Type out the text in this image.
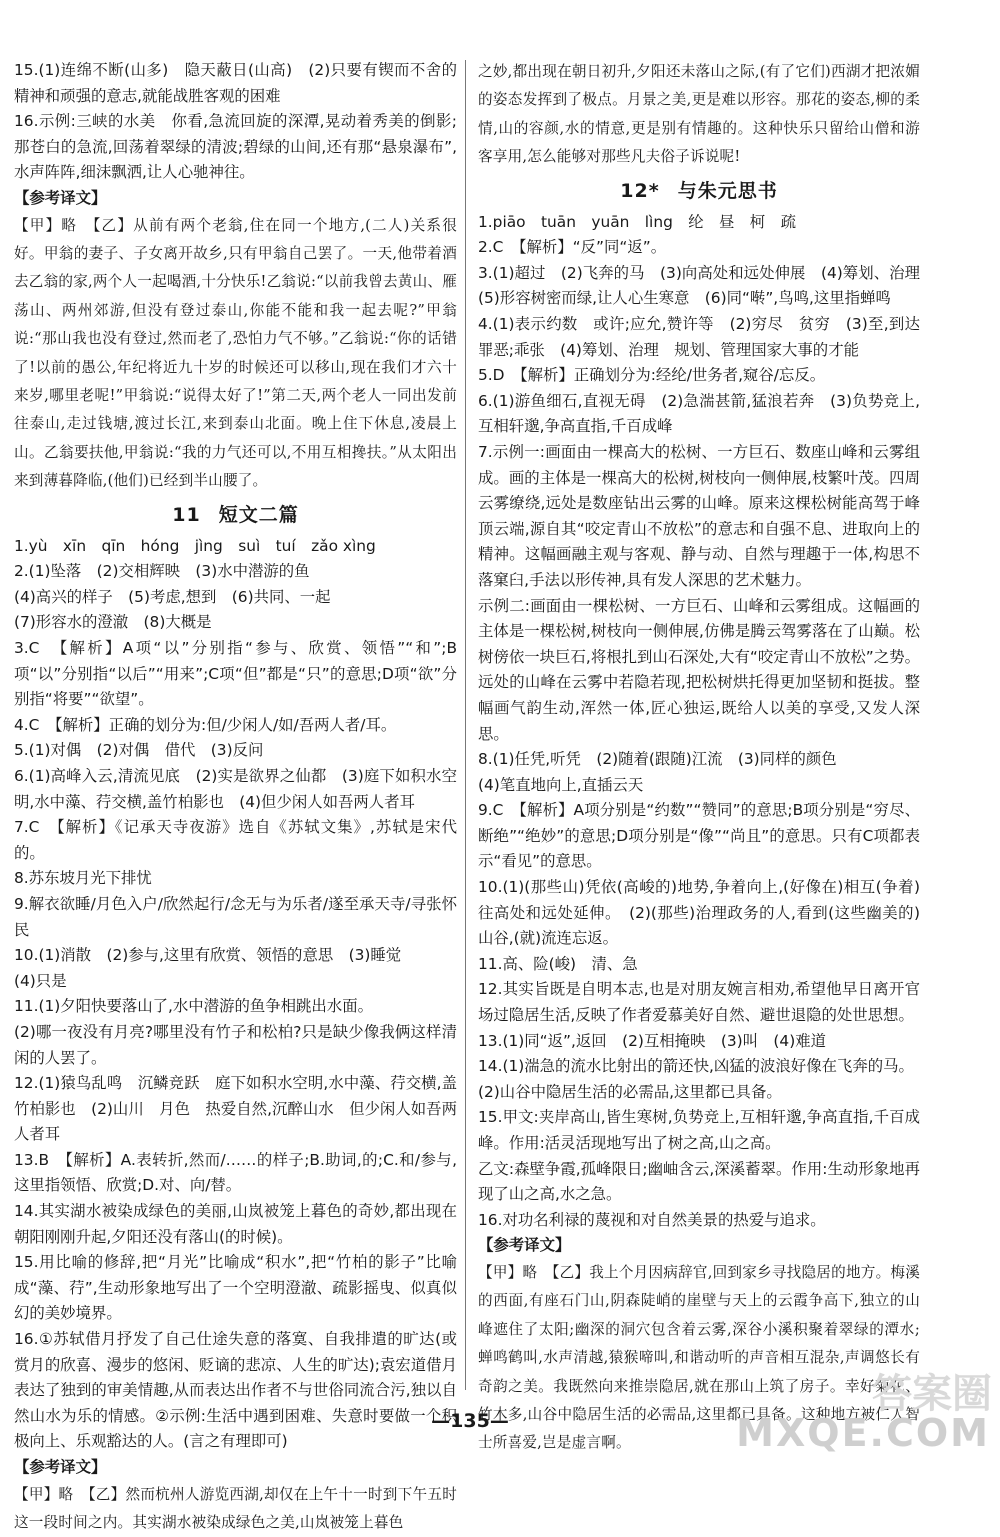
15.(1)连绵不断(山多)　隐天蔽日(山高)　(2)只要有锲而不舍的精神和顽强的意志,就能战胜客观的困难

16.示例:三峡的水美　你看,急流回旋的深潭,晃动着秀美的倒影;那苍白的急流,回荡着翠绿的清波;碧绿的山间,还有那“悬泉瀑布”,水声阵阵,细沫飘洒,让人心驰神往。

【参考译文】

【甲】略　【乙】从前有两个老翁,住在同一个地方,(二人)关系很好。甲翁的妻子、子女离开故乡,只有甲翁自己罢了。一天,他带着酒去乙翁的家,两个人一起喝酒,十分快乐!乙翁说:“以前我曾去黄山、雁荡山、两州郊游,但没有登过泰山,你能不能和我一起去呢?”甲翁说:“那山我也没有登过,然而老了,恐怕力气不够。”乙翁说:“你的话错了!以前的愚公,年纪将近九十岁的时候还可以移山,现在我们才六十来岁,哪里老呢!”甲翁说:“说得太好了!”第二天,两个老人一同出发前往泰山,走过钱塘,渡过长江,来到泰山北面。晚上住下休息,凌晨上山。乙翁要扶他,甲翁说:“我的力气还可以,不用互相搀扶。”从太阳出来到薄暮降临,(他们)已经到半山腰了。

11 短文二篇

1.yù　xīn　qīn　hóng　jìng　suì　tuí　zǎo xìng

2.(1)坠落　(2)交相辉映　(3)水中潜游的鱼

(4)高兴的样子　(5)考虑,想到　(6)共同、一起

(7)形容水的澄澈　(8)大概是

3.C　【解析】A项“以”分别指“参与、欣赏、领悟”“和”;B项“以”分别指“以后”“用来”;C项“但”都是“只”的意思;D项“欲”分别指“将要”“欲望”。

4.C　【解析】正确的划分为:但/少闲人/如/吾两人者/耳。

5.(1)对偶　(2)对偶　借代　(3)反问

6.(1)高峰入云,清流见底　(2)实是欲界之仙都　(3)庭下如积水空明,水中藻、荇交横,盖竹柏影也　(4)但少闲人如吾两人者耳

7.C　【解析】《记承天寺夜游》选自《苏轼文集》,苏轼是宋代的。

8.苏东坡月光下排忧

9.解衣欲睡/月色入户/欣然起行/念无与为乐者/遂至承天寺/寻张怀民

10.(1)消散　(2)参与,这里有欣赏、领悟的意思　(3)睡觉

(4)只是

11.(1)夕阳快要落山了,水中潜游的鱼争相跳出水面。

(2)哪一夜没有月亮?哪里没有竹子和松柏?只是缺少像我俩这样清闲的人罢了。

12.(1)猿鸟乱鸣　沉鳞竞跃　庭下如积水空明,水中藻、荇交横,盖竹柏影也　(2)山川　月色　热爱自然,沉醉山水　但少闲人如吾两人者耳

13.B　【解析】A.表转折,然而/……的样子;B.助词,的;C.和/参与,这里指领悟、欣赏;D.对、向/替。

14.其实湖水被染成绿色的美丽,山岚被笼上暮色的奇妙,都出现在朝阳刚刚升起,夕阳还没有落山(的时候)。

15.用比喻的修辞,把“月光”比喻成“积水”,把“竹柏的影子”比喻成“藻、荇”,生动形象地写出了一个空明澄澈、疏影摇曳、似真似幻的美妙境界。

16.①苏轼借月抒发了自己仕途失意的落寞、自我排遣的旷达(或赏月的欣喜、漫步的悠闲、贬谪的悲凉、人生的旷达);袁宏道借月表达了独到的审美情趣,从而表达出作者不与世俗同流合污,独以自然山水为乐的情感。②示例:生活中遇到困难、失意时要做一个积极向上、乐观豁达的人。(言之有理即可)

【参考译文】

【甲】略　【乙】然而杭州人游览西湖,却仅在上午十一时到下午五时这一段时间之内。其实湖水被染成绿色之美,山岚被笼上暮色

之妙,都出现在朝日初升,夕阳还未落山之际,(有了它们)西湖才把浓媚的姿态发挥到了极点。月景之美,更是难以形容。那花的姿态,柳的柔情,山的容颜,水的情意,更是别有情趣的。这种快乐只留给山僧和游客享用,怎么能够对那些凡夫俗子诉说呢!

12* 与朱元思书

1.piāo　tuān　yuān　lìng　纶　昼　柯　疏

2.C　【解析】“反”同“返”。

3.(1)超过　(2)飞奔的马　(3)向高处和远处伸展　(4)筹划、治理　(5)形容树密而绿,让人心生寒意　(6)同“啭”,鸟鸣,这里指蝉鸣

4.(1)表示约数　或许;应允,赞许等　(2)穷尽　贫穷　(3)至,到达　罪恶;乖张　(4)筹划、治理　规划、管理国家大事的才能

5.D　【解析】正确划分为:经纶/世务者,窥谷/忘反。

6.(1)游鱼细石,直视无碍　(2)急湍甚箭,猛浪若奔　(3)负势竞上,互相轩邈,争高直指,千百成峰

7.示例一:画面由一棵高大的松树、一方巨石、数座山峰和云雾组成。画的主体是一棵高大的松树,树枝向一侧伸展,枝繁叶茂。四周云雾缭绕,远处是数座钻出云雾的山峰。原来这棵松树能高驾于峰顶云端,源自其“咬定青山不放松”的意志和自强不息、进取向上的精神。这幅画融主观与客观、静与动、自然与理趣于一体,构思不落窠臼,手法以形传神,具有发人深思的艺术魅力。

示例二:画面由一棵松树、一方巨石、山峰和云雾组成。这幅画的主体是一棵松树,树枝向一侧伸展,仿佛是腾云驾雾落在了山巅。松树傍依一块巨石,将根扎到山石深处,大有“咬定青山不放松”之势。远处的山峰在云雾中若隐若现,把松树烘托得更加坚韧和挺拔。整幅画气韵生动,浑然一体,匠心独运,既给人以美的享受,又发人深思。

8.(1)任凭,听凭　(2)随着(跟随)江流　(3)同样的颜色

(4)笔直地向上,直插云天

9.C　【解析】A项分别是“约数”“赞同”的意思;B项分别是“穷尽、断绝”“绝妙”的意思;D项分别是“像”“尚且”的意思。只有C项都表示“看见”的意思。

10.(1)(那些山)凭依(高峻的)地势,争着向上,(好像在)相互(争着)往高处和远处延伸。　(2)(那些)治理政务的人,看到(这些幽美的)山谷,(就)流连忘返。

11.高、险(峻)　清、急

12.其实旨既是自明本志,也是对朋友婉言相劝,希望他早日离开官场过隐居生活,反映了作者爱慕美好自然、避世退隐的处世思想。

13.(1)同“返”,返回　(2)互相掩映　(3)叫　(4)难道

14.(1)湍急的流水比射出的箭还快,凶猛的波浪好像在飞奔的马。

(2)山谷中隐居生活的必需品,这里都已具备。

15.甲文:夹岸高山,皆生寒树,负势竞上,互相轩邈,争高直指,千百成峰。作用:活灵活现地写出了树之高,山之高。

乙文:森壁争霞,孤峰限日;幽岫含云,深溪蓄翠。作用:生动形象地再现了山之高,水之急。

16.对功名利禄的蔑视和对自然美景的热爱与追求。

【参考译文】

【甲】略　【乙】我上个月因病辞官,回到家乡寻找隐居的地方。梅溪的西面,有座石门山,阴森陡峭的崖壁与天上的云霞争高下,独立的山峰遮住了太阳;幽深的洞穴包含着云雾,深谷小溪积聚着翠绿的潭水;蝉鸣鹤叫,水声清越,猿猴啼叫,和谐动听的声音相互混杂,声调悠长有奇韵之美。我既然向来推崇隐居,就在那山上筑了房子。幸好菊花、竹木多,山谷中隐居生活的必需品,这里都已具备。这种地方被仁人智士所喜爱,岂是虚言啊。

—135—
答案圈
MXQE.COM
